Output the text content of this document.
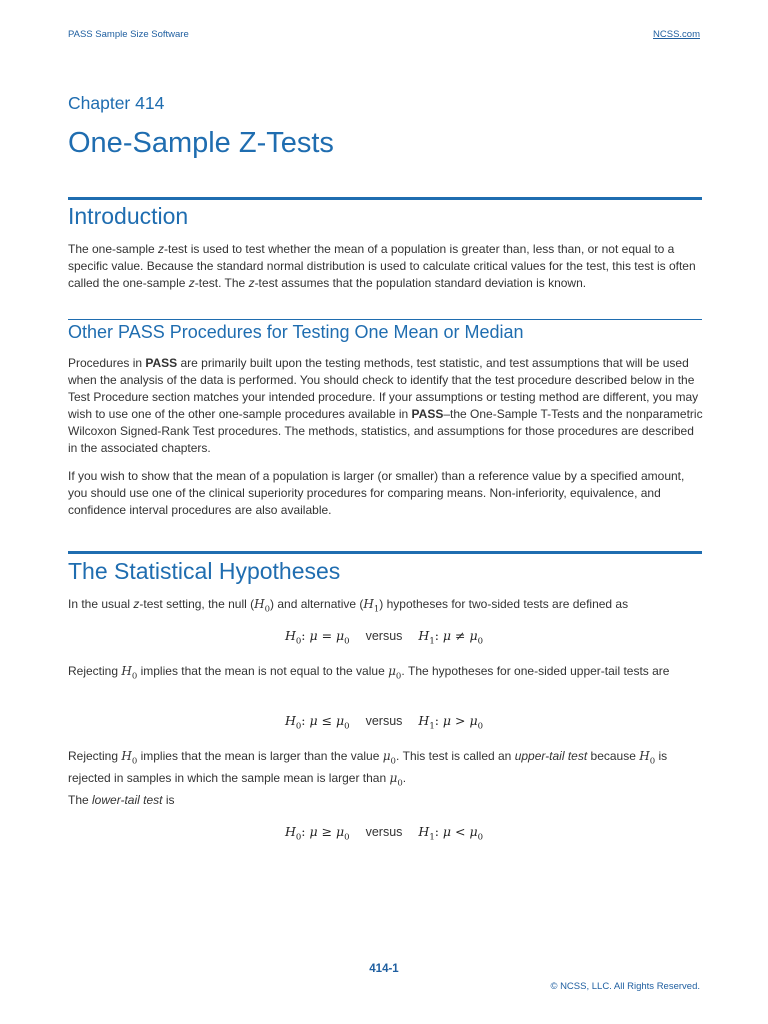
PASS Sample Size Software	NCSS.com
Chapter 414
One-Sample Z-Tests
Introduction

The one-sample z-test is used to test whether the mean of a population is greater than, less than, or not equal to a specific value. Because the standard normal distribution is used to calculate critical values for the test, this test is often called the one-sample z-test. The z-test assumes that the population standard deviation is known.

Other PASS Procedures for Testing One Mean or Median

Procedures in PASS are primarily built upon the testing methods, test statistic, and test assumptions that will be used when the analysis of the data is performed. You should check to identify that the test procedure described below in the Test Procedure section matches your intended procedure. If your assumptions or testing method are different, you may wish to use one of the other one-sample procedures available in PASS–the One-Sample T-Tests and the nonparametric Wilcoxon Signed-Rank Test procedures. The methods, statistics, and assumptions for those procedures are described in the associated chapters.

If you wish to show that the mean of a population is larger (or smaller) than a reference value by a specified amount, you should use one of the clinical superiority procedures for comparing means. Non-inferiority, equivalence, and confidence interval procedures are also available.

The Statistical Hypotheses

In the usual z-test setting, the null $(H_0)$ and alternative $(H_1)$ hypotheses for two-sided tests are defined as

$H_0$: $\mu = \mu_0$ versus $H_1$: $\mu \ne \mu_0$

Rejecting $H_0$ implies that the mean is not equal to the value $\mu_0$. The hypotheses for one-sided upper-tail tests are

$H_0$: $\mu \le \mu_0$ versus $H_1$: $\mu > \mu_0$

Rejecting $H_0$ implies that the mean is larger than the value $\mu_0$. This test is called an upper-tail test because $H_0$ is rejected in samples in which the sample mean is larger than $\mu_0$.

The lower-tail test is

$H_0$: $\mu \ge \mu_0$ versus $H_1$: $\mu < \mu_0$
414-1
© NCSS, LLC. All Rights Reserved.
